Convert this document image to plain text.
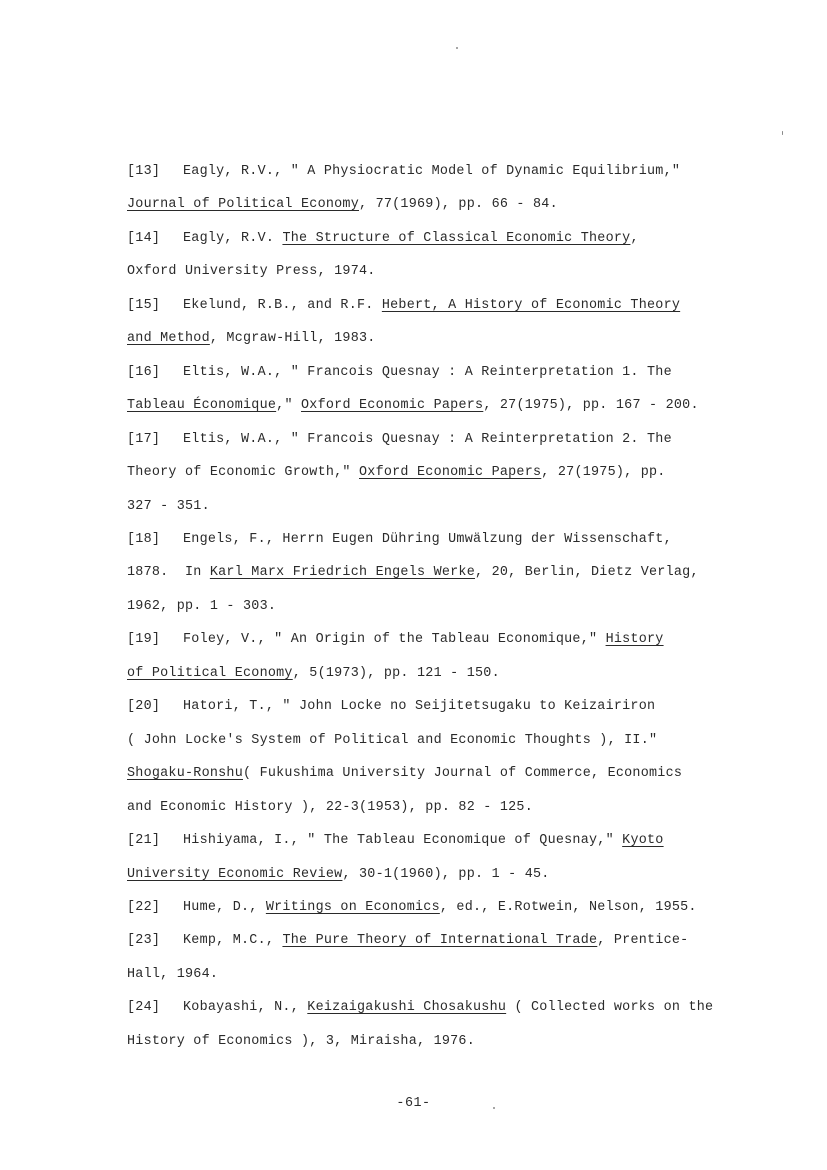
[13] Eagly, R.V., " A Physiocratic Model of Dynamic Equilibrium,"
Journal of Political Economy, 77(1969), pp. 66 - 84.
[14] Eagly, R.V. The Structure of Classical Economic Theory,
Oxford University Press, 1974.
[15] Ekelund, R.B., and R.F. Hebert, A History of Economic Theory
and Method, Mcgraw-Hill, 1983.
[16] Eltis, W.A., " Francois Quesnay : A Reinterpretation 1. The
Tableau Économique," Oxford Economic Papers, 27(1975), pp. 167 - 200.
[17] Eltis, W.A., " Francois Quesnay : A Reinterpretation 2. The
Theory of Economic Growth," Oxford Economic Papers, 27(1975), pp.
327 - 351.
[18] Engels, F., Herrn Eugen Dühring Umwälzung der Wissenschaft,
1878.  In Karl Marx Friedrich Engels Werke, 20, Berlin, Dietz Verlag,
1962, pp. 1 - 303.
[19] Foley, V., " An Origin of the Tableau Economique," History
of Political Economy, 5(1973), pp. 121 - 150.
[20] Hatori, T., " John Locke no Seijitetsugaku to Keizairiron
( John Locke's System of Political and Economic Thoughts ), II."
Shogaku-Ronshu( Fukushima University Journal of Commerce, Economics
and Economic History ), 22-3(1953), pp. 82 - 125.
[21] Hishiyama, I., " The Tableau Economique of Quesnay," Kyoto
University Economic Review, 30-1(1960), pp. 1 - 45.
[22] Hume, D., Writings on Economics, ed., E.Rotwein, Nelson, 1955.
[23] Kemp, M.C., The Pure Theory of International Trade, Prentice-
Hall, 1964.
[24] Kobayashi, N., Keizaigakushi Chosakushu ( Collected works on the
History of Economics ), 3, Miraisha, 1976.
-61-
